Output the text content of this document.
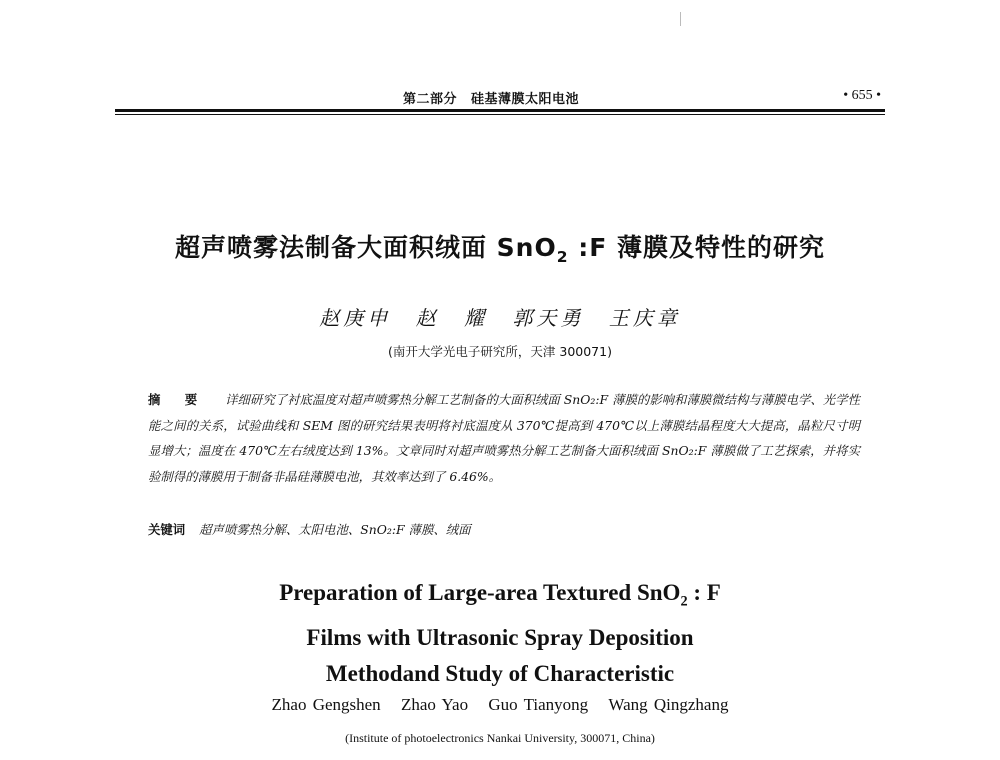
第二部分 硅基薄膜太阳电池	• 655 •
超声喷雾法制备大面积绒面 SnO$_2$ :F 薄膜及特性的研究
赵庚申 赵 耀 郭天勇 王庆章
(南开大学光电子研究所，天津 300071)
摘 要 详细研究了衬底温度对超声喷雾热分解工艺制备的大面积绒面 SnO₂:F 薄膜的影响和薄膜微结构与薄膜电学、光学性能之间的关系，试验曲线和 SEM 图的研究结果表明将衬底温度从 370℃提高到 470℃以上薄膜结晶程度大大提高，晶粒尺寸明显增大；温度在 470℃左右绒度达到 13%。文章同时对超声喷雾热分解工艺制备大面积绒面 SnO₂:F 薄膜做了工艺探索，并将实验制得的薄膜用于制备非晶硅薄膜电池，其效率达到了 6.46%。
关键词 超声喷雾热分解、太阳电池、SnO₂:F 薄膜、绒面
Preparation of Large-area Textured SnO$_2$ : F
Films with Ultrasonic Spray Deposition
Methodand Study of Characteristic
Zhao Gengshen Zhao Yao Guo Tianyong Wang Qingzhang
(Institute of photoelectronics Nankai University, 300071, China)
